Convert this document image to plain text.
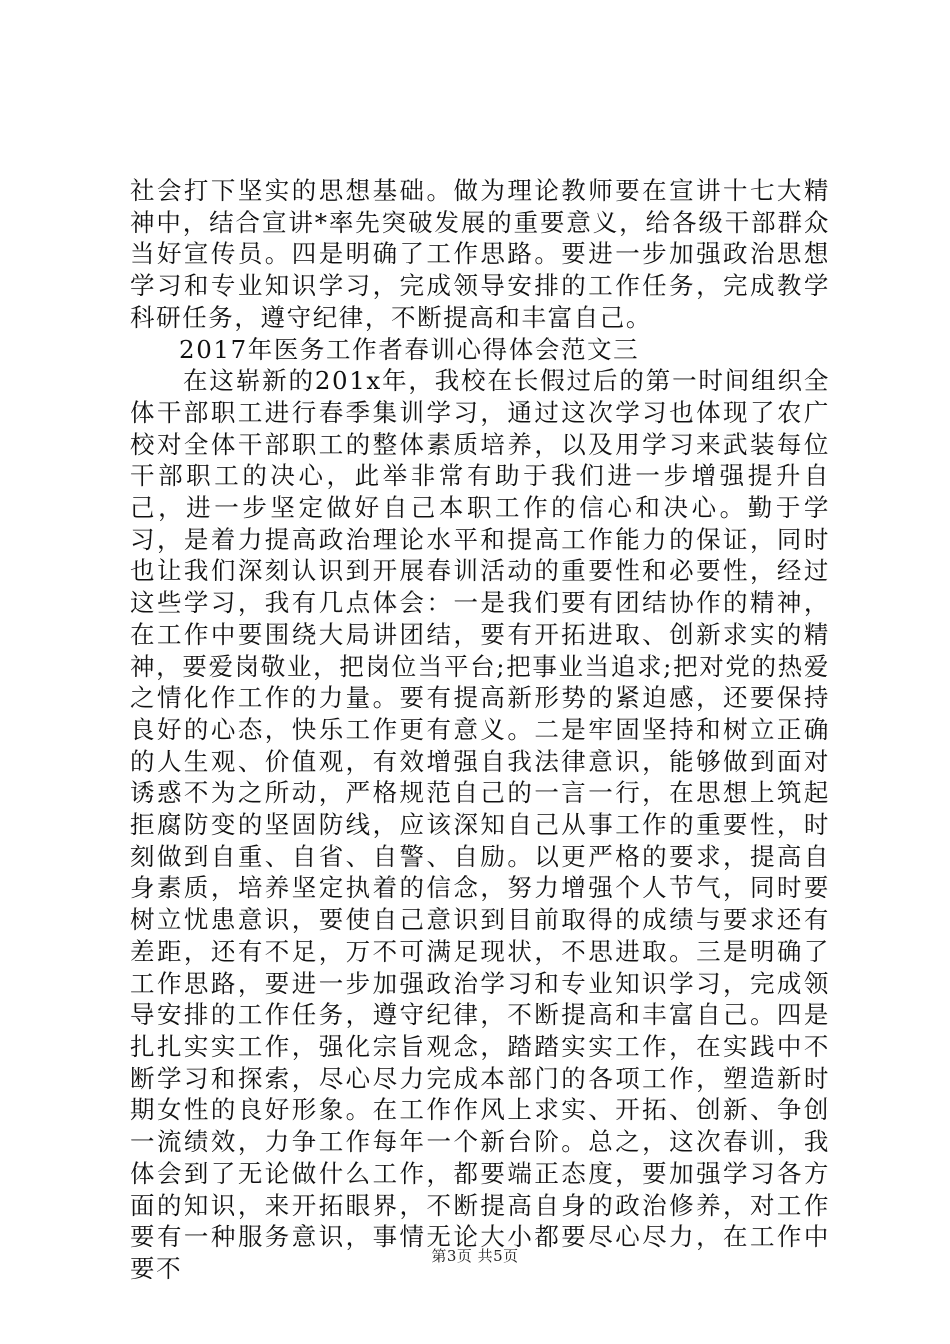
社会打下坚实的思想基础。做为理论教师要在宣讲十七大精神中，结合宣讲*率先突破发展的重要意义，给各级干部群众当好宣传员。四是明确了工作思路。要进一步加强政治思想学习和专业知识学习，完成领导安排的工作任务，完成教学科研任务，遵守纪律，不断提高和丰富自己。

2017年医务工作者春训心得体会范文三

在这崭新的201x年，我校在长假过后的第一时间组织全体干部职工进行春季集训学习，通过这次学习也体现了农广校对全体干部职工的整体素质培养，以及用学习来武装每位干部职工的决心，此举非常有助于我们进一步增强提升自己，进一步坚定做好自己本职工作的信心和决心。勤于学习，是着力提高政治理论水平和提高工作能力的保证，同时也让我们深刻认识到开展春训活动的重要性和必要性，经过这些学习，我有几点体会：一是我们要有团结协作的精神，在工作中要围绕大局讲团结，要有开拓进取、创新求实的精神，要爱岗敬业，把岗位当平台;把事业当追求;把对党的热爱之情化作工作的力量。要有提高新形势的紧迫感，还要保持良好的心态，快乐工作更有意义。二是牢固坚持和树立正确的人生观、价值观，有效增强自我法律意识，能够做到面对诱惑不为之所动，严格规范自己的一言一行，在思想上筑起拒腐防变的坚固防线，应该深知自己从事工作的重要性，时刻做到自重、自省、自警、自励。以更严格的要求，提高自身素质，培养坚定执着的信念，努力增强个人节气，同时要树立忧患意识，要使自己意识到目前取得的成绩与要求还有差距，还有不足，万不可满足现状，不思进取。三是明确了工作思路，要进一步加强政治学习和专业知识学习，完成领导安排的工作任务，遵守纪律，不断提高和丰富自己。四是扎扎实实工作，强化宗旨观念，踏踏实实工作，在实践中不断学习和探索，尽心尽力完成本部门的各项工作，塑造新时期女性的良好形象。在工作作风上求实、开拓、创新、争创一流绩效，力争工作每年一个新台阶。总之，这次春训，我体会到了无论做什么工作，都要端正态度，要加强学习各方面的知识，来开拓眼界，不断提高自身的政治修养，对工作要有一种服务意识，事情无论大小都要尽心尽力，在工作中要不	第3页 共5页
